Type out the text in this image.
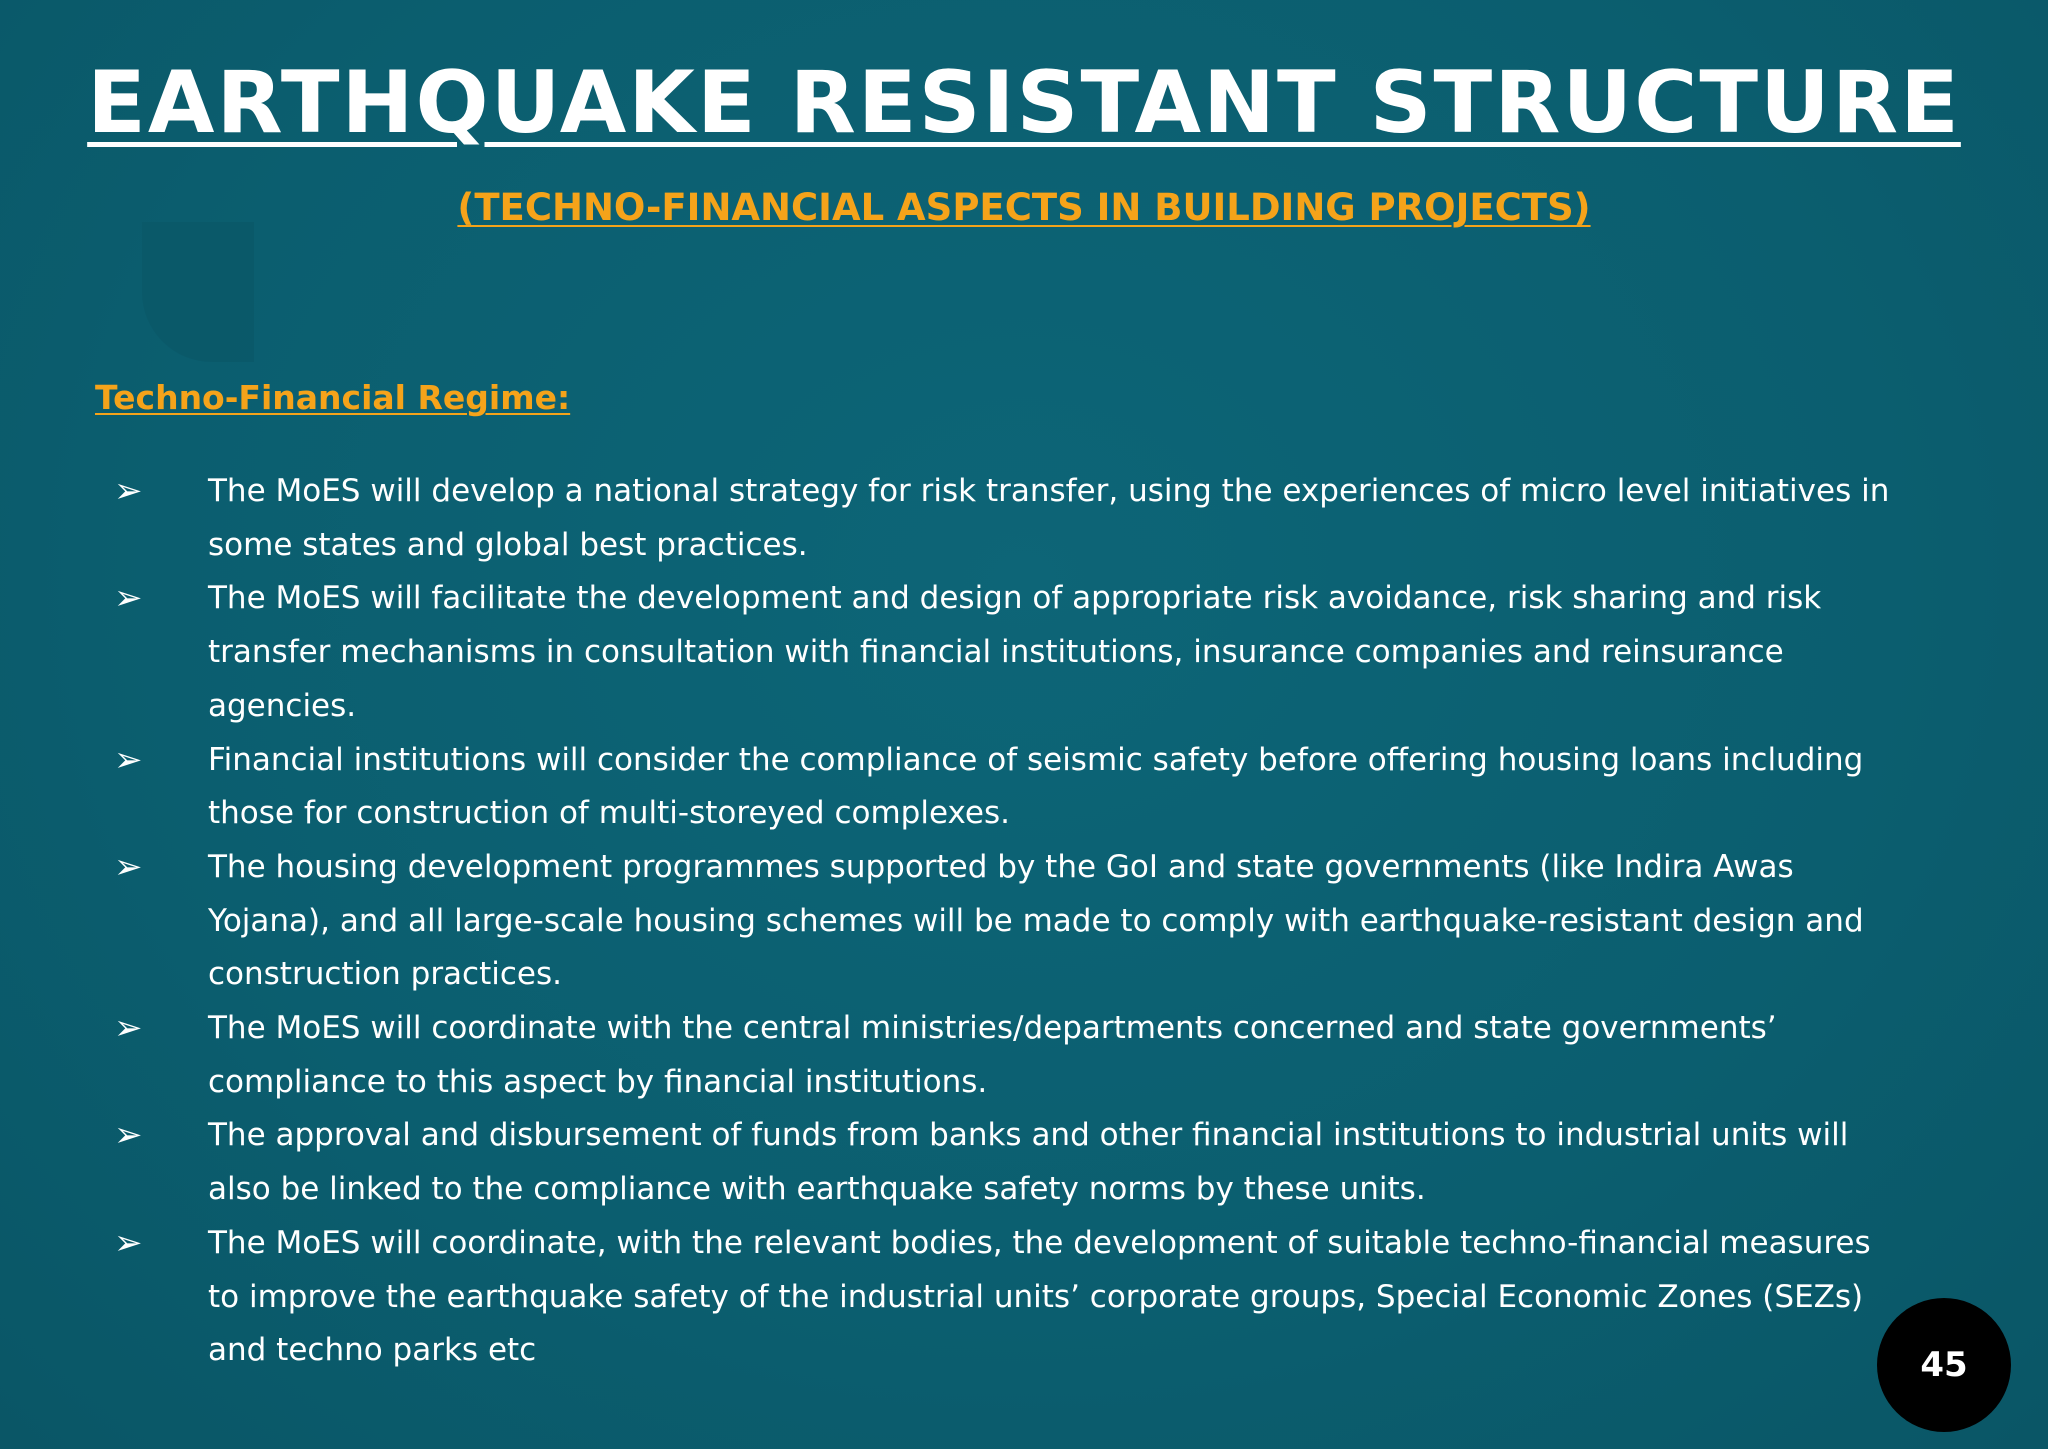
EARTHQUAKE RESISTANT STRUCTURE
(TECHNO-FINANCIAL ASPECTS IN BUILDING PROJECTS)
Techno-Financial Regime:
➢ The MoES will develop a national strategy for risk transfer, using the experiences of micro level initiatives in some states and global best practices.
➢ The MoES will facilitate the development and design of appropriate risk avoidance, risk sharing and risk transfer mechanisms in consultation with financial institutions, insurance companies and reinsurance agencies.
➢ Financial institutions will consider the compliance of seismic safety before offering housing loans including those for construction of multi-storeyed complexes.
➢ The housing development programmes supported by the GoI and state governments (like Indira Awas Yojana), and all large-scale housing schemes will be made to comply with earthquake-resistant design and construction practices.
➢ The MoES will coordinate with the central ministries/departments concerned and state governments’ compliance to this aspect by financial institutions.
➢ The approval and disbursement of funds from banks and other financial institutions to industrial units will also be linked to the compliance with earthquake safety norms by these units.
➢ The MoES will coordinate, with the relevant bodies, the development of suitable techno-financial measures to improve the earthquake safety of the industrial units’ corporate groups, Special Economic Zones (SEZs) and techno parks etc	45
